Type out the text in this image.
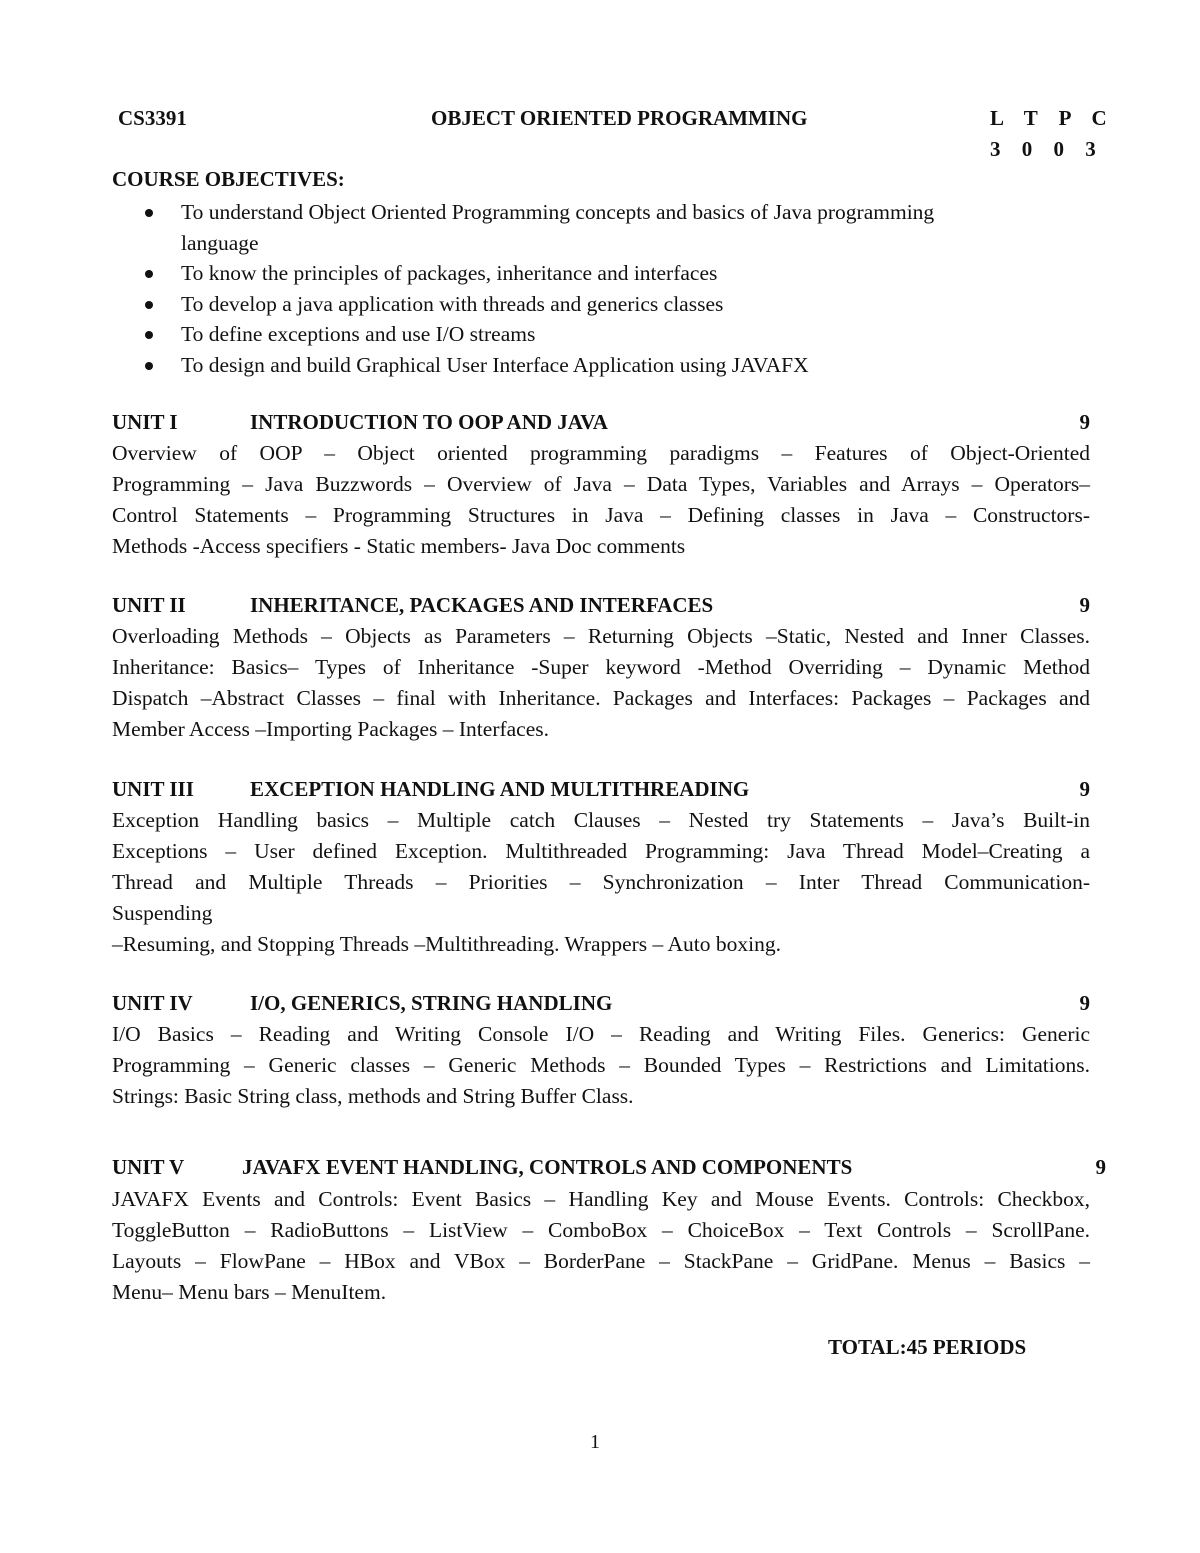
CS3391	OBJECT ORIENTED PROGRAMMING	L T P C
3 0 0 3
COURSE OBJECTIVES:
To understand Object Oriented Programming concepts and basics of Java programming
language
To know the principles of packages, inheritance and interfaces
To develop a java application with threads and generics classes
To define exceptions and use I/O streams
To design and build Graphical User Interface Application using JAVAFX
UNIT I	INTRODUCTION TO OOP AND JAVA	9
Overview of OOP – Object oriented programming paradigms – Features of Object-Oriented
Programming – Java Buzzwords – Overview of Java – Data Types, Variables and Arrays – Operators–
Control Statements – Programming Structures in Java – Defining classes in Java – Constructors-
Methods -Access specifiers - Static members- Java Doc comments
UNIT II	INHERITANCE, PACKAGES AND INTERFACES	9
Overloading Methods – Objects as Parameters – Returning Objects –Static, Nested and Inner Classes.
Inheritance: Basics– Types of Inheritance -Super keyword -Method Overriding – Dynamic Method
Dispatch –Abstract Classes – final with Inheritance. Packages and Interfaces: Packages – Packages and
Member Access –Importing Packages – Interfaces.
UNIT III	EXCEPTION HANDLING AND MULTITHREADING	9
Exception Handling basics – Multiple catch Clauses – Nested try Statements – Java’s Built-in
Exceptions – User defined Exception. Multithreaded Programming: Java Thread Model–Creating a
Thread and Multiple Threads – Priorities – Synchronization – Inter Thread Communication-
Suspending
–Resuming, and Stopping Threads –Multithreading. Wrappers – Auto boxing.
UNIT IV	I/O, GENERICS, STRING HANDLING	9
I/O Basics – Reading and Writing Console I/O – Reading and Writing Files. Generics: Generic
Programming – Generic classes – Generic Methods – Bounded Types – Restrictions and Limitations.
Strings: Basic String class, methods and String Buffer Class.
UNIT V	JAVAFX EVENT HANDLING, CONTROLS AND COMPONENTS	9
JAVAFX Events and Controls: Event Basics – Handling Key and Mouse Events. Controls: Checkbox,
ToggleButton – RadioButtons – ListView – ComboBox – ChoiceBox – Text Controls – ScrollPane.
Layouts – FlowPane – HBox and VBox – BorderPane – StackPane – GridPane. Menus – Basics –
Menu– Menu bars – MenuItem.
TOTAL:45 PERIODS
1
